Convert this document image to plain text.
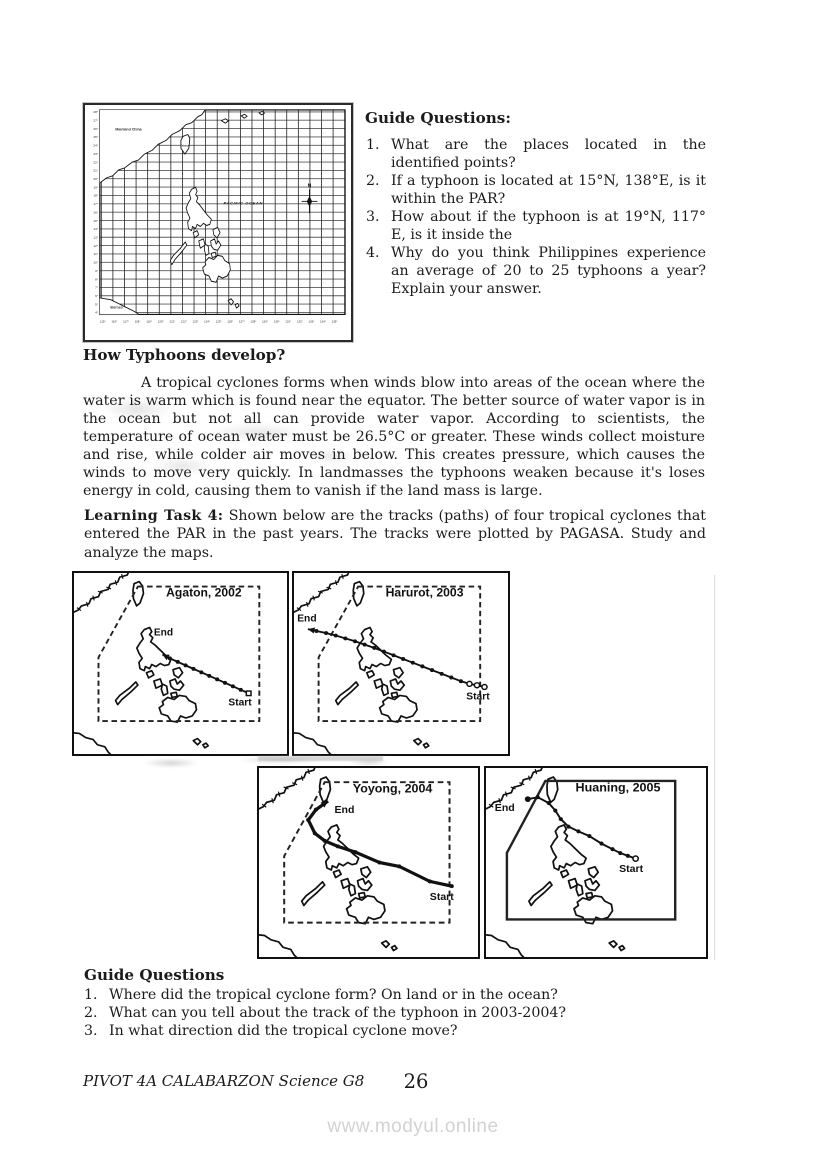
28°
27°
26°
25°
24°
23°
22°
21°
20°
19°
18°
17°
16°
15°
14°
13°
12°
11°
10°
9°
8°
7°
6°
5°
4°
115° 116° 117° 118° 119° 120° 121° 122° 123° 124° 125° 126° 127° 128° 129° 130° 131° 132° 133° 134° 135°
Mainland China
Taiwan
PACIFIC OCEAN
Borneo
N
Guide Questions:
1. What are the places located in the identified points?
2. If a typhoon is located at 15°N, 138°E, is it within the PAR?
3. How about if the typhoon is at 19°N, 117° E, is it inside the
4. Why do you think Philippines experience an average of 20 to 25 typhoons a year? Explain your answer.
How Typhoons develop?

A tropical cyclones forms when winds blow into areas of the ocean where the water is warm which is found near the equator. The better source of water vapor is in the ocean but not all can provide water vapor. According to scientists, the temperature of ocean water must be 26.5°C or greater. These winds collect moisture and rise, while colder air moves in below. This creates pressure, which causes the winds to move very quickly. In landmasses the typhoons weaken because it's loses energy in cold, causing them to vanish if the land mass is large.

Learning Task 4: Shown below are the tracks (paths) of four tropical cyclones that entered the PAR in the past years. The tracks were plotted by PAGASA. Study and analyze the maps.

Agaton, 2002
Start
End
Harurot, 2003
Start
End
Yoyong, 2004
Start
End
Huaning, 2005
Start
End
Guide Questions
1. Where did the tropical cyclone form? On land or in the ocean?
2. What can you tell about the track of the typhoon in 2003-2004?
3. In what direction did the tropical cyclone move?
PIVOT 4A CALABARZON Science G8	26
www.modyul.online
